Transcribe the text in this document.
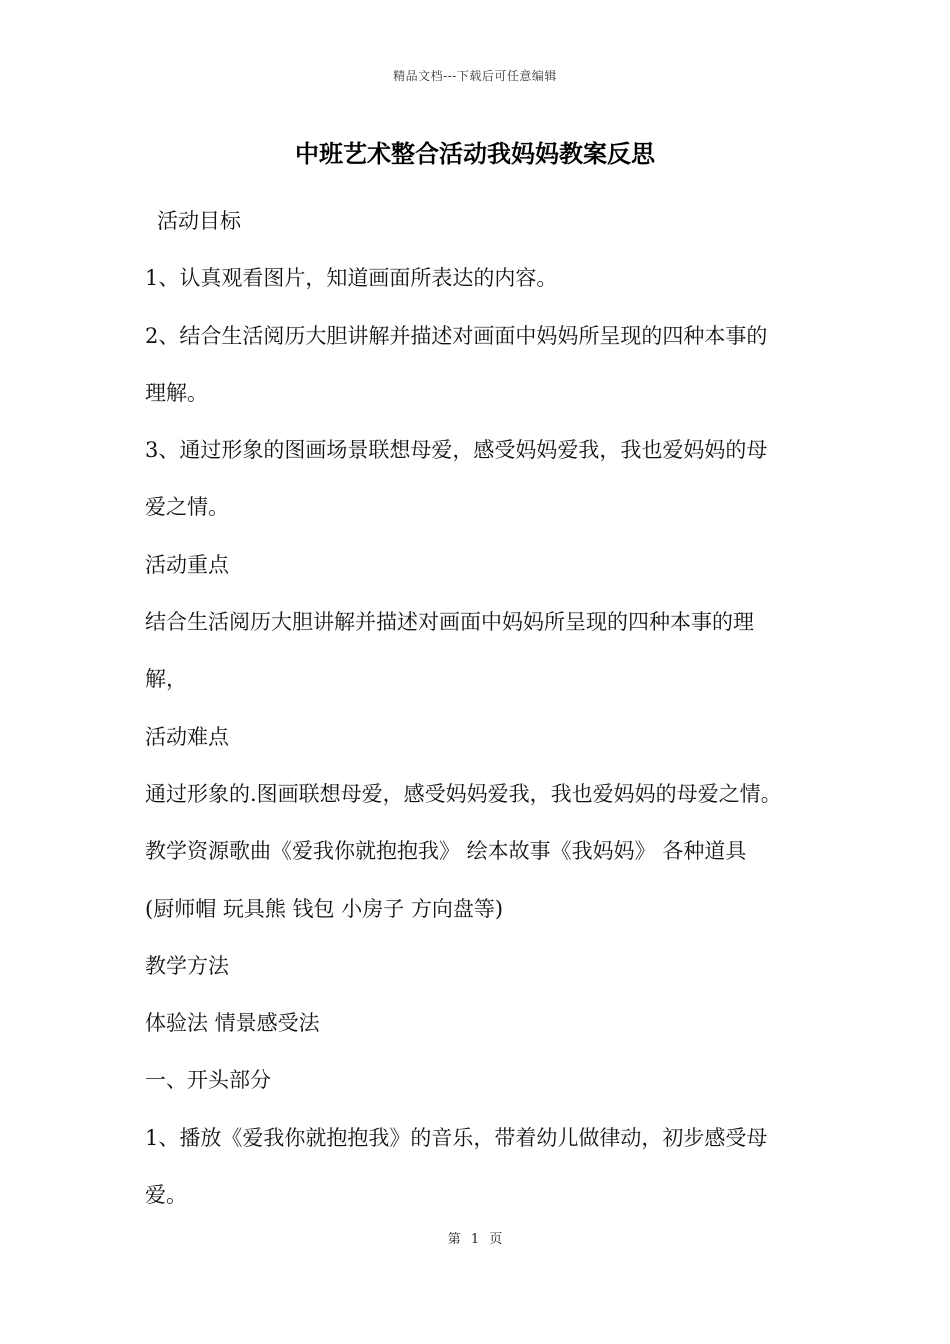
精品文档---下载后可任意编辑
中班艺术整合活动我妈妈教案反思
活动目标
1、认真观看图片，知道画面所表达的内容。
2、结合生活阅历大胆讲解并描述对画面中妈妈所呈现的四种本事的
理解。
3、通过形象的图画场景联想母爱，感受妈妈爱我，我也爱妈妈的母
爱之情。
活动重点
结合生活阅历大胆讲解并描述对画面中妈妈所呈现的四种本事的理
解，
活动难点
通过形象的.图画联想母爱，感受妈妈爱我，我也爱妈妈的母爱之情。
教学资源歌曲《爱我你就抱抱我》 绘本故事《我妈妈》 各种道具
(厨师帽 玩具熊 钱包 小房子 方向盘等)
教学方法
体验法 情景感受法
一、开头部分
1、播放《爱我你就抱抱我》的音乐，带着幼儿做律动，初步感受母
爱。
第 1 页
